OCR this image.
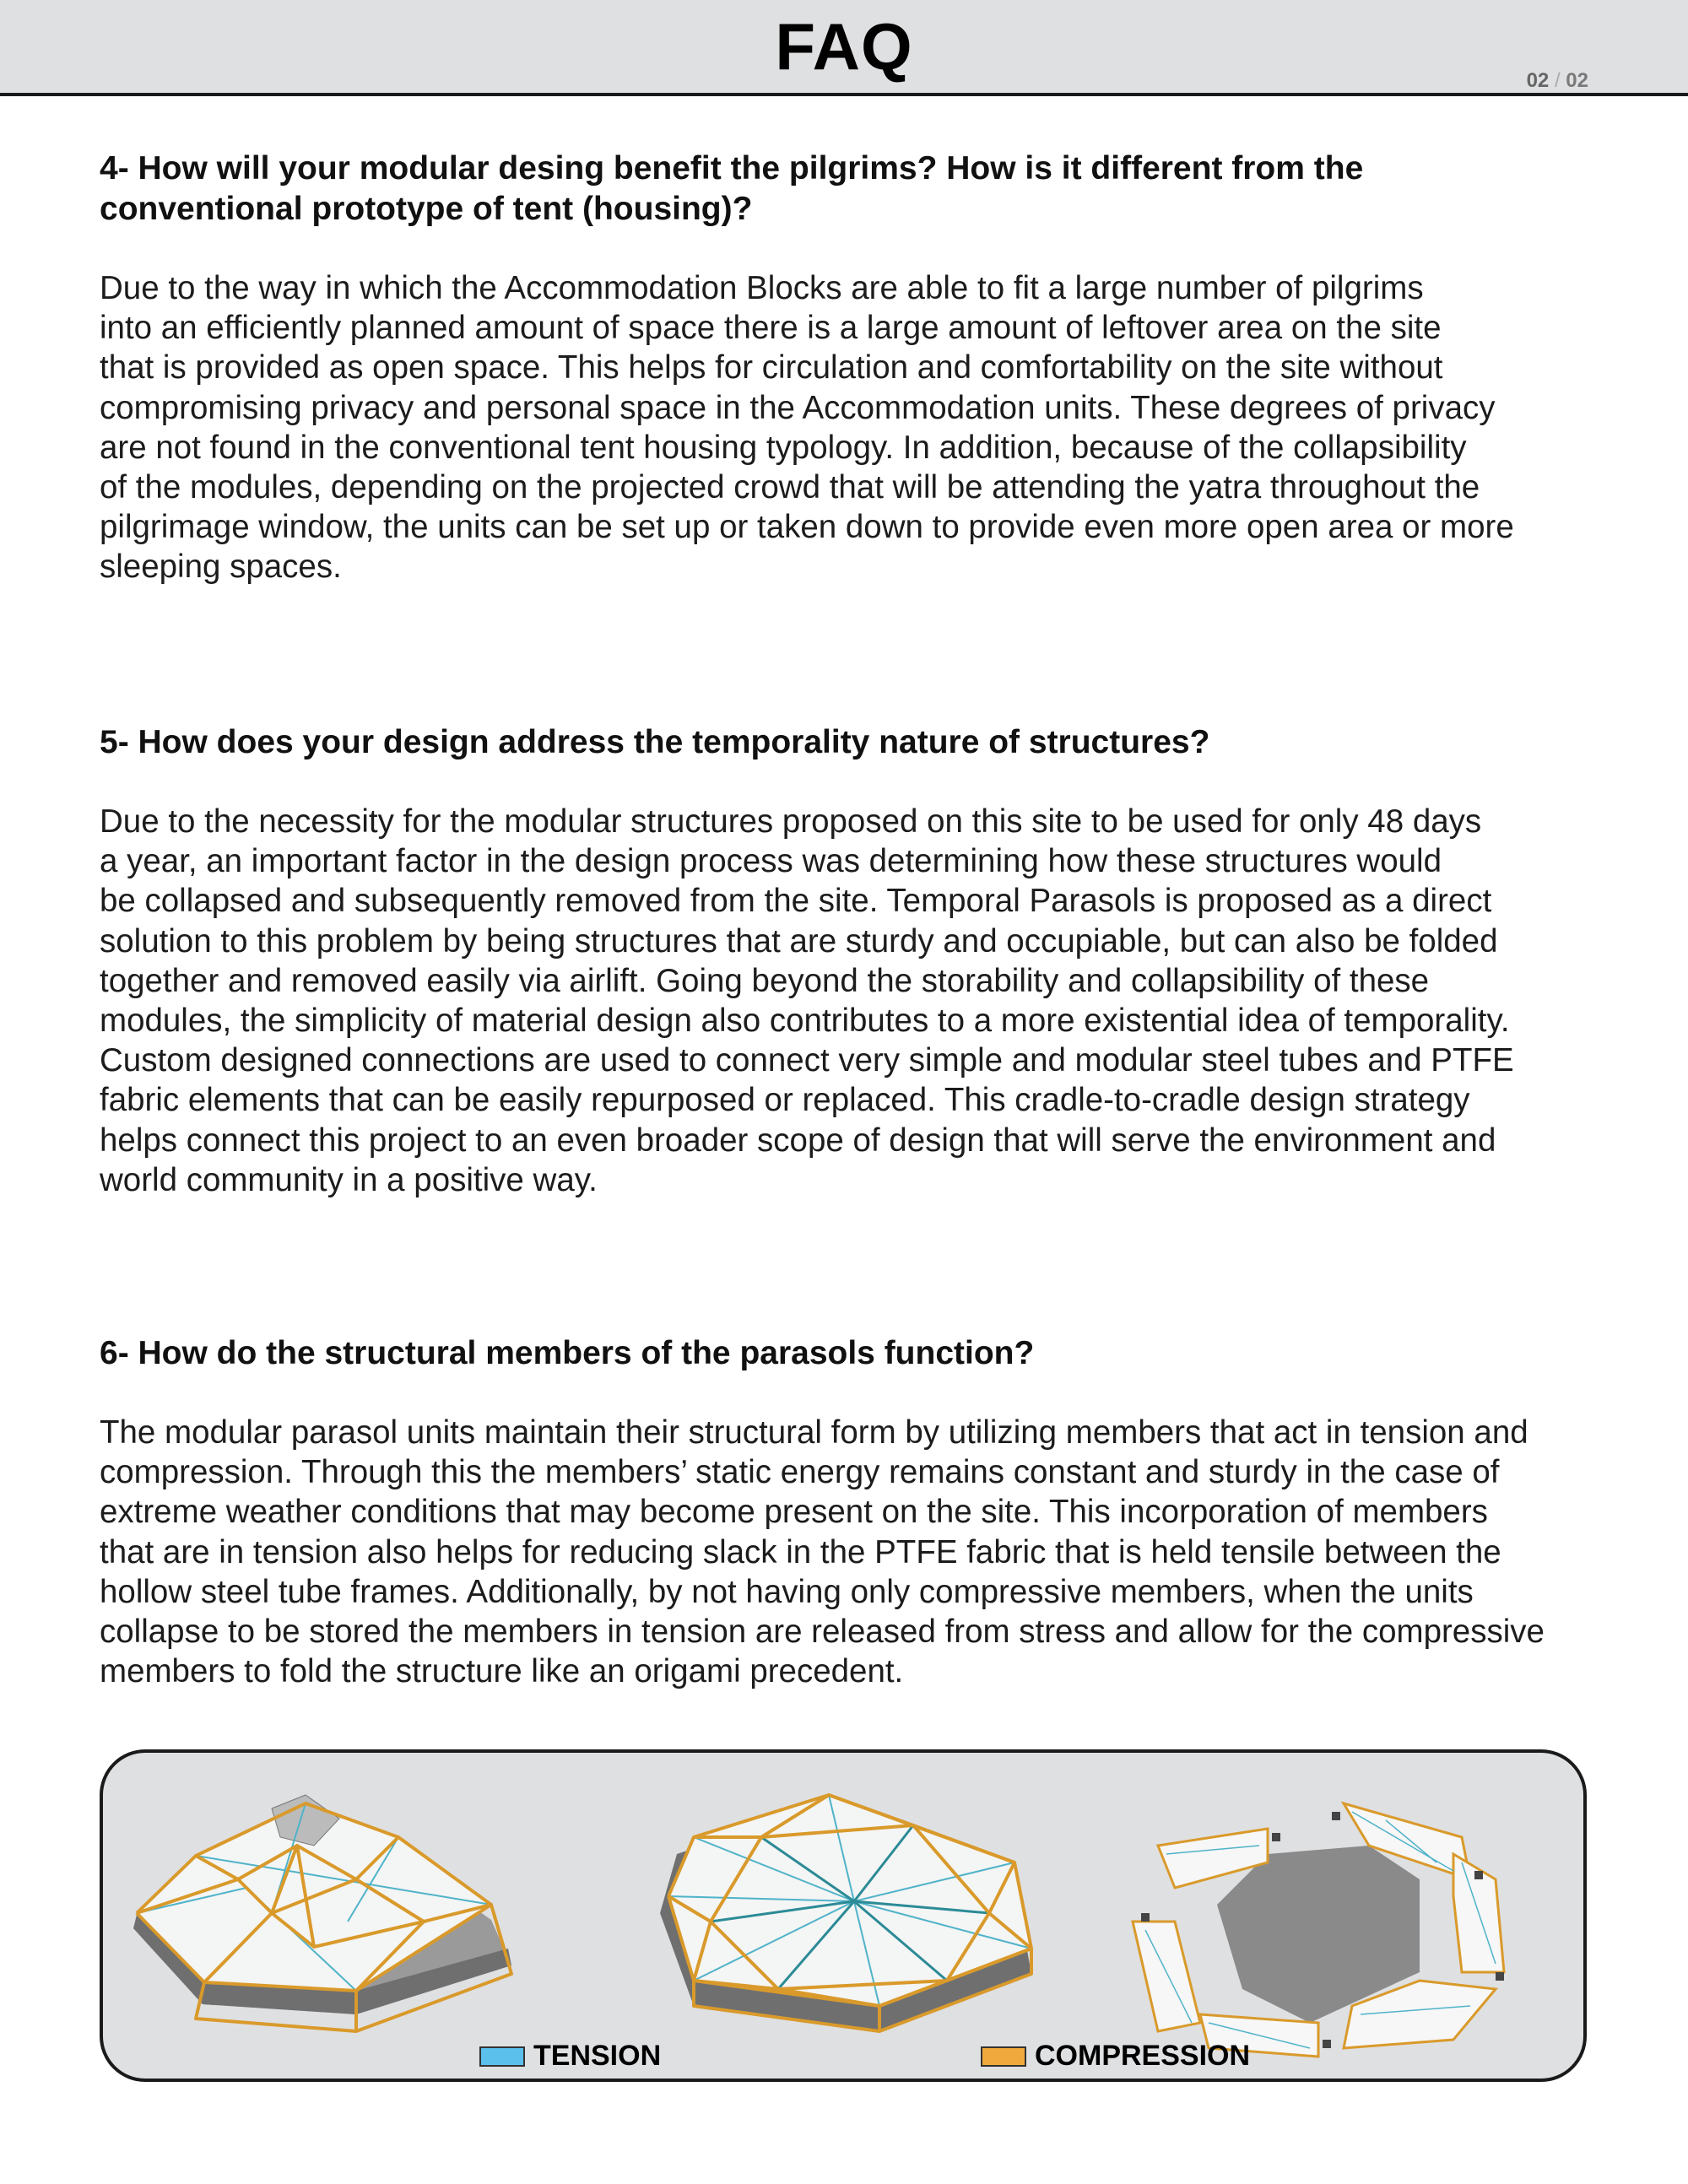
FAQ	02 / 02

4- How will your modular desing benefit the pilgrims? How is it different from the
conventional prototype of tent (housing)?

Due to the way in which the Accommodation Blocks are able to fit a large number of pilgrims
into an efficiently planned amount of space there is a large amount of leftover area on the site
that is provided as open space. This helps for circulation and comfortability on the site without
compromising privacy and personal space in the Accommodation units. These degrees of privacy
are not found in the conventional tent housing typology. In addition, because of the collapsibility
of the modules, depending on the projected crowd that will be attending the yatra throughout the
pilgrimage window, the units can be set up or taken down to provide even more open area or more
sleeping spaces.

5- How does your design address the temporality nature of structures?

Due to the necessity for the modular structures proposed on this site to be used for only 48 days
a year, an important factor in the design process was determining how these structures would
be collapsed and subsequently removed from the site. Temporal Parasols is proposed as a direct
solution to this problem by being structures that are sturdy and occupiable, but can also be folded
together and removed easily via airlift. Going beyond the storability and collapsibility of these
modules, the simplicity of material design also contributes to a more existential idea of temporality.
Custom designed connections are used to connect very simple and modular steel tubes and PTFE
fabric elements that can be easily repurposed or replaced. This cradle-to-cradle design strategy
helps connect this project to an even broader scope of design that will serve the environment and
world community in a positive way.

6- How do the structural members of the parasols function?

The modular parasol units maintain their structural form by utilizing members that act in tension and
compression. Through this the members’ static energy remains constant and sturdy in the case of
extreme weather conditions that may become present on the site. This incorporation of members
that are in tension also helps for reducing slack in the PTFE fabric that is held tensile between the
hollow steel tube frames. Additionally, by not having only compressive members, when the units
collapse to be stored the members in tension are released from stress and allow for the compressive
members to fold the structure like an origami precedent.

TENSION	COMPRESSION
